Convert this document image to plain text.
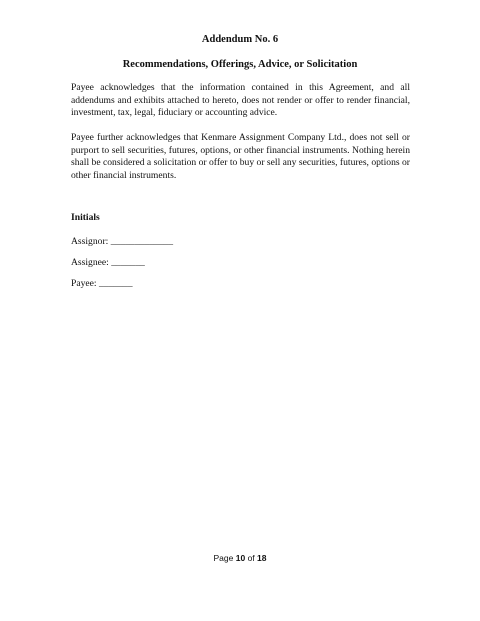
Addendum No. 6
Recommendations, Offerings, Advice, or Solicitation

Payee acknowledges that the information contained in this Agreement, and all addendums and exhibits attached to hereto, does not render or offer to render financial, investment, tax, legal, fiduciary or accounting advice.

Payee further acknowledges that Kenmare Assignment Company Ltd., does not sell or purport to sell securities, futures, options, or other financial instruments. Nothing herein shall be considered a solicitation or offer to buy or sell any securities, futures, options or other financial instruments.

Initials
Assignor: _____________
Assignee: _______
Payee: _______
Page 10 of 18
